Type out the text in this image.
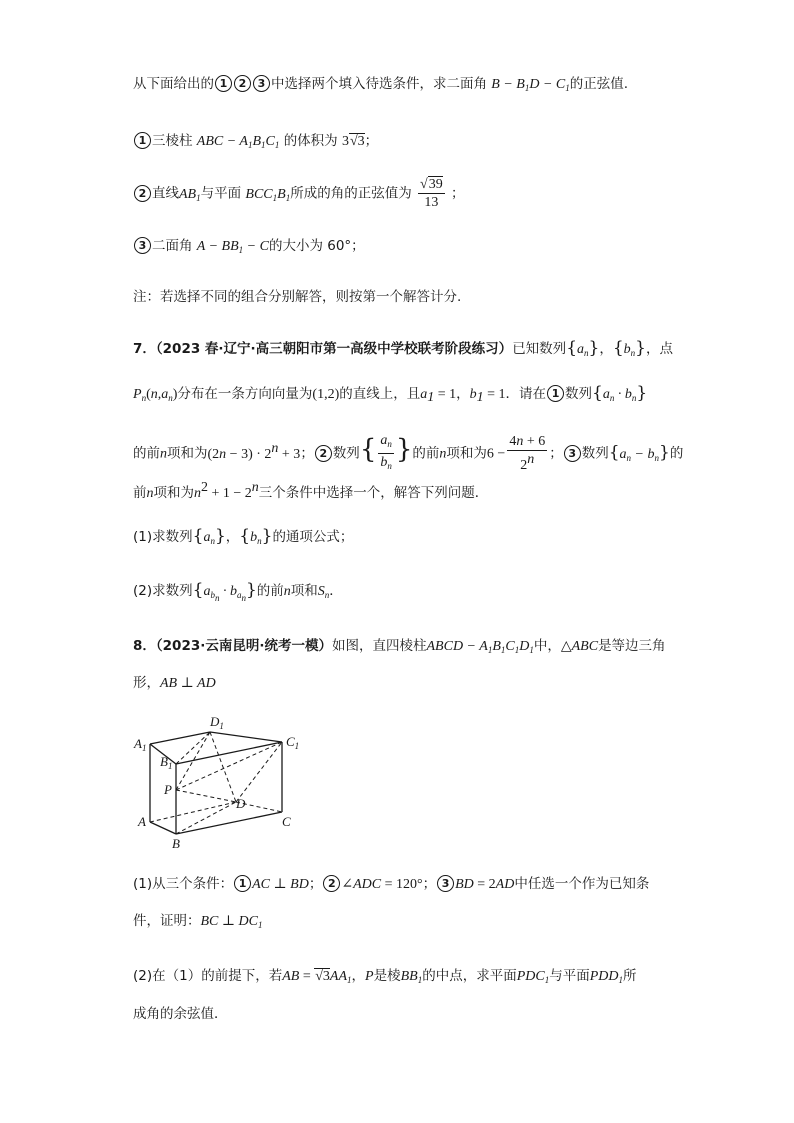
从下面给出的 1 2 3 中选择两个填入待选条件，求二面角 $B - B_1D - C_1$的正弦值.
1 三棱柱 ABC − $A_1B_1C_1$ 的体积为 3√3；
2 直线$AB_1$与平面 $BCC_1B_1$所成的角的正弦值为 $\frac{√39}{13}$ ；
3 二面角 $A - BB_1 - C$的大小为 60°；
注：若选择不同的组合分别解答，则按第一个解答计分.
7．（2023 春·辽宁·高三朝阳市第一高级中学校联考阶段练习）已知数列$\{a_n\}$，$\{b_n\}$，点
$P_n(n,a_n)$分布在一条方向向量为(1,2)的直线上，且$a_1 = 1$，$b_1 = 1$．请在 1 数列$\{a_n \cdot b_n\}$
的前n项和为$(2n - 3) \cdot 2^n + 3$； 2 数列{ $\frac{a_n}{b_n}$ }的前n项和为$6 - \frac{4n + 6}{2^n}$ ； 3 数列$\{a_n - b_n\}$的
前n项和为$n^2 + 1 - 2^n$三个条件中选择一个，解答下列问题．
(1)求数列$\{a_n\}$，$\{b_n\}$的通项公式；
(2)求数列$\{a_{b_n} \cdot b_{a_n}\}$的前n项和$S_n$．
8．（2023·云南昆明·统考一模）如图，直四棱柱ABCD − $A_1B_1C_1D_1$中，△ABC是等边三角
形，AB ⊥ AD
$A_1$
$D_1$
$C_1$
$B_1$
P
D
A	C
B
(1)从三个条件： 1 AC ⊥ BD； 2 ∠ADC = 120°； 3 BD = 2AD中任选一个作为已知条
件，证明：BC ⊥ $DC_1$
(2)在（1）的前提下，若AB = $√3AA_1$，P是棱$BB_1$的中点，求平面$PDC_1$与平面$PDD_1$所
成角的余弦值．
